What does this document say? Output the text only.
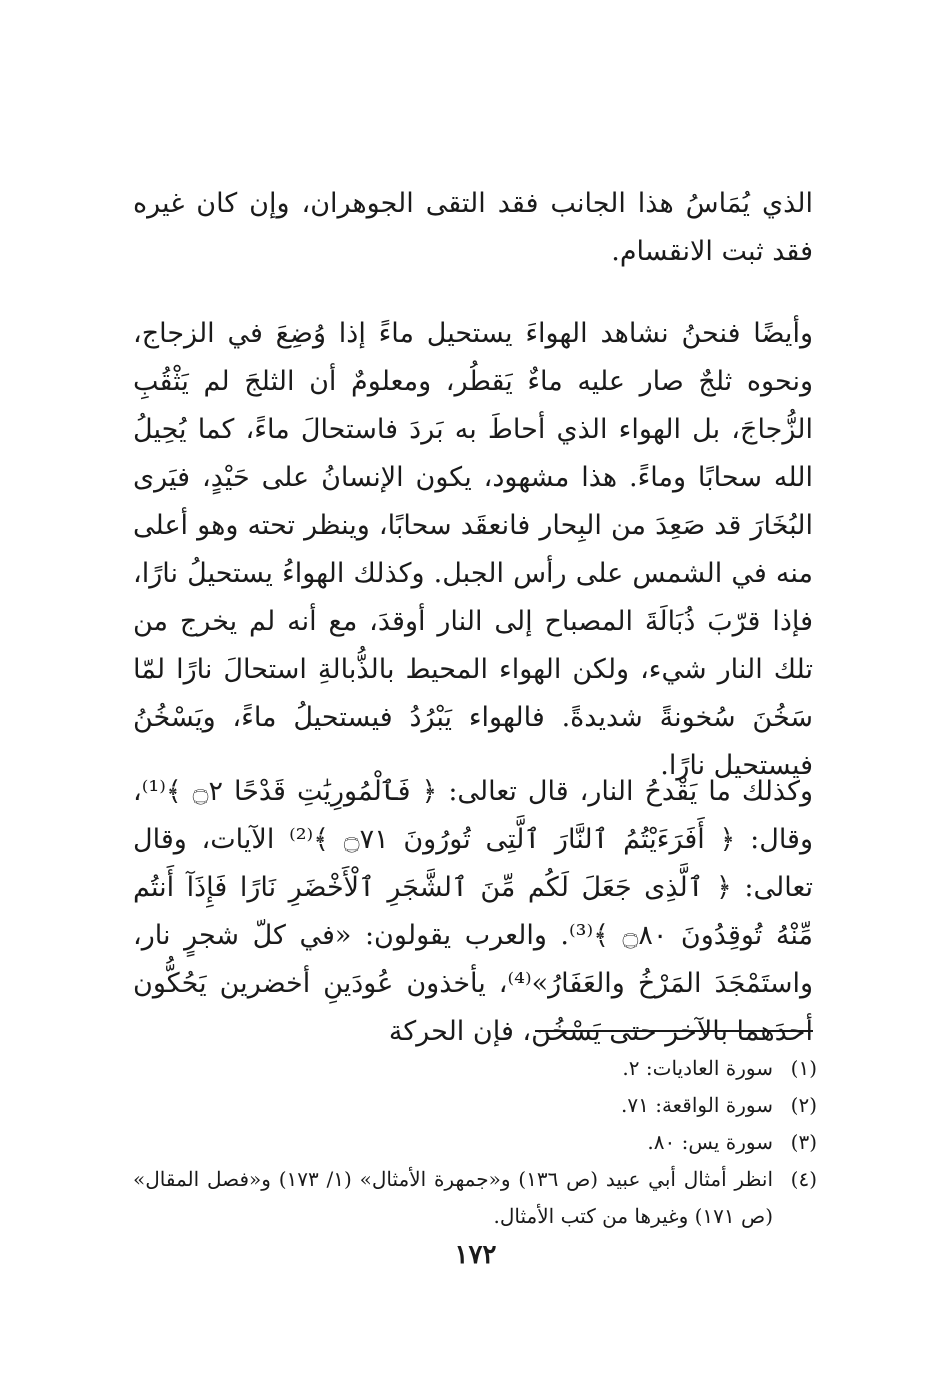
الذي يُمَاسُ هذا الجانب فقد التقى الجوهران، وإن كان غيره فقد ثبت الانقسام.

وأيضًا فنحنُ نشاهد الهواءَ يستحيل ماءً إذا وُضِعَ في الزجاج، ونحوه ثلجٌ صار عليه ماءٌ يَقطُر، ومعلومٌ أن الثلجَ لم يَثْقُبِ الزُّجاجَ، بل الهواء الذي أحاطَ به بَردَ فاستحالَ ماءً، كما يُحِيلُ الله سحابًا وماءً. هذا مشهود، يكون الإنسانُ على حَيْدٍ، فيَرى البُخَارَ قد صَعِدَ من البِحار فانعقَد سحابًا، وينظر تحته وهو أعلى منه في الشمس على رأس الجبل. وكذلك الهواءُ يستحيلُ نارًا، فإذا قرّبَ ذُبَالَةَ المصباح إلى النار أوقدَ، مع أنه لم يخرج من تلك النار شيء، ولكن الهواء المحيط بالذُّبالةِ استحالَ نارًا لمّا سَخُنَ سُخونةً شديدةً. فالهواء يَبْرُدُ فيستحيلُ ماءً، ويَسْخُنُ فيستحيل نارًا.

وكذلك ما يَقْدحُ النار، قال تعالى: ﴿ فَٱلْمُورِيَٰتِ قَدْحًا ۝٢ ﴾⁽¹⁾، وقال: ﴿ أَفَرَءَيْتُمُ ٱلنَّارَ ٱلَّتِى تُورُونَ ۝٧١ ﴾⁽²⁾ الآيات، وقال تعالى: ﴿ ٱلَّذِى جَعَلَ لَكُم مِّنَ ٱلشَّجَرِ ٱلْأَخْضَرِ نَارًا فَإِذَآ أَنتُم مِّنْهُ تُوقِدُونَ ۝٨٠ ﴾⁽³⁾. والعرب يقولون: «في كلّ شجرٍ نار، واستَمْجَدَ المَرْخُ والعَفَارُ»⁽⁴⁾، يأخذون عُودَينِ أخضرين يَحُكُّون أحدَهما بالآخر حتى يَسْخُن، فإن الحركة

(١)
سورة العاديات: ٢.
(٢)
سورة الواقعة: ٧١.
(٣)
سورة يس: ٨٠.
(٤)
انظر أمثال أبي عبيد (ص ١٣٦) و«جمهرة الأمثال» (١/ ١٧٣) و«فصل المقال» (ص ١٧١) وغيرها من كتب الأمثال.
١٧٢
